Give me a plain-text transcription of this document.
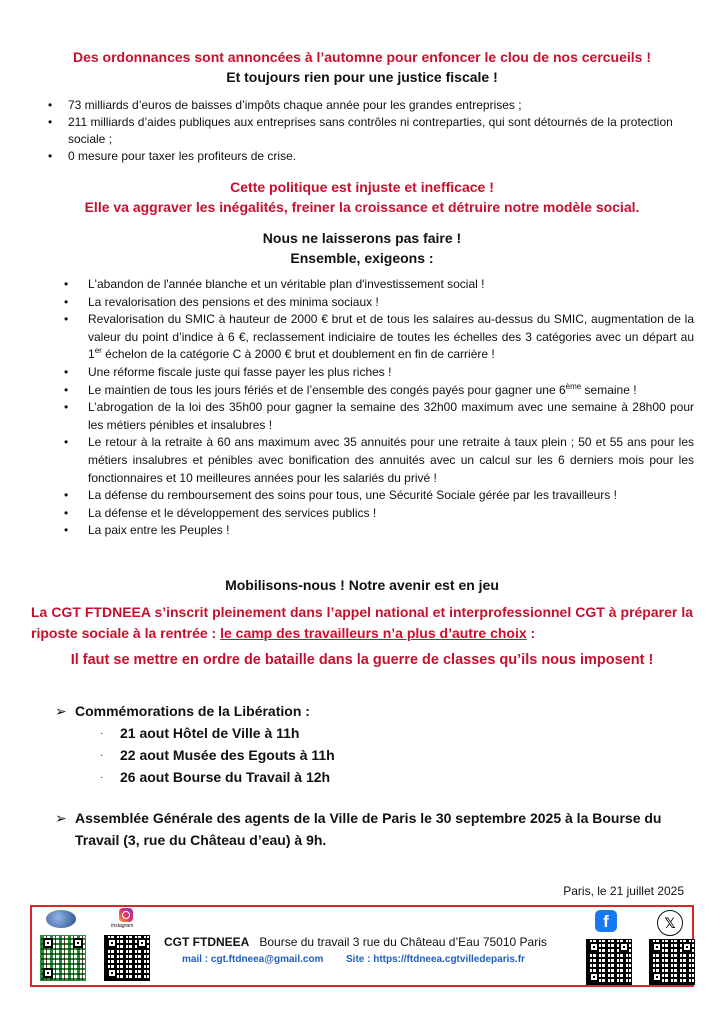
Des ordonnances sont annoncées à l’automne pour enfoncer le clou de nos cercueils !
Et toujours rien pour une justice fiscale !
• 73 milliards d’euros de baisses d’impôts chaque année pour les grandes entreprises ;
• 211 milliards d’aides publiques aux entreprises sans contrôles ni contreparties, qui sont détournés de la protection sociale ;
• 0 mesure pour taxer les profiteurs de crise.
Cette politique est injuste et inefficace !
Elle va aggraver les inégalités, freiner la croissance et détruire notre modèle social.
Nous ne laisserons pas faire !
Ensemble, exigeons :
• L'abandon de l'année blanche et un véritable plan d'investissement social !
• La revalorisation des pensions et des minima sociaux !
• Revalorisation du SMIC à hauteur de 2000 € brut et de tous les salaires au-dessus du SMIC, augmentation de la valeur du point d’indice à 6 €, reclassement indiciaire de toutes les échelles des 3 catégories avec un départ au 1er échelon de la catégorie C à 2000 € brut et doublement en fin de carrière !
• Une réforme fiscale juste qui fasse payer les plus riches !
• Le maintien de tous les jours fériés et de l’ensemble des congés payés pour gagner une 6ème semaine !
• L’abrogation de la loi des 35h00 pour gagner la semaine des 32h00 maximum avec une semaine à 28h00 pour les métiers pénibles et insalubres !
• Le retour à la retraite à 60 ans maximum avec 35 annuités pour une retraite à taux plein ; 50 et 55 ans pour les métiers insalubres et pénibles avec bonification des annuités avec un calcul sur les 6 derniers mois pour les fonctionnaires et 10 meilleures années pour les salariés du privé !
• La défense du remboursement des soins pour tous, une Sécurité Sociale gérée par les travailleurs !
• La défense et le développement des services publics !
• La paix entre les Peuples !
Mobilisons-nous ! Notre avenir est en jeu
La CGT FTDNEEA s’inscrit pleinement dans l’appel national et interprofessionnel CGT à préparer la riposte sociale à la rentrée : le camp des travailleurs n’a plus d’autre choix :
Il faut se mettre en ordre de bataille dans la guerre de classes qu’ils nous imposent !
➢ Commémorations de la Libération :
· 21 aout Hôtel de Ville à 11h
· 22 aout Musée des Egouts à 11h
· 26 aout Bourse du Travail à 12h
➢ Assemblée Générale des agents de la Ville de Paris le 30 septembre 2025 à la Bourse du Travail (3, rue du Château d’eau) à 9h.
Paris, le 21 juillet 2025
Instagram
CGT FTDNEEA Bourse du travail 3 rue du Château d’Eau 75010 Paris
mail : cgt.ftdneea@gmail.com Site : https://ftdneea.cgtvilledeparis.fr
f	𝕏
